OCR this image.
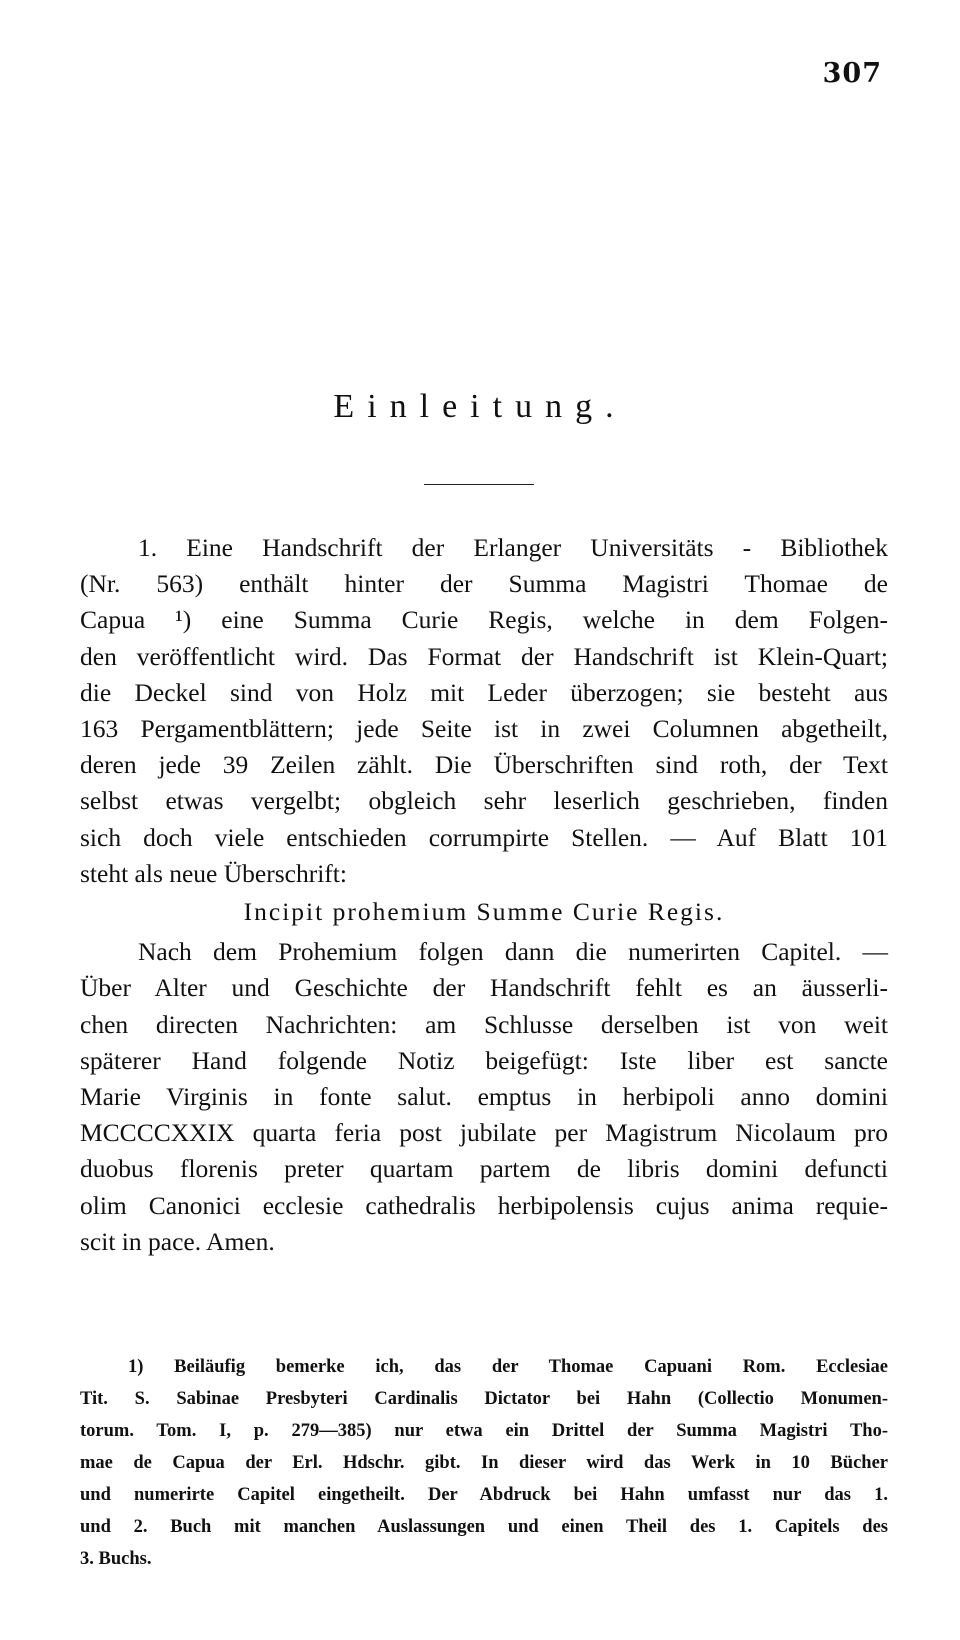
307
Einleitung.
1. Eine Handschrift der Erlanger Universitäts - Bibliothek
(Nr. 563) enthält hinter der Summa Magistri Thomae de
Capua ¹) eine Summa Curie Regis, welche in dem Folgen-
den veröffentlicht wird. Das Format der Handschrift ist Klein-Quart;
die Deckel sind von Holz mit Leder überzogen; sie besteht aus
163 Pergamentblättern; jede Seite ist in zwei Columnen abgetheilt,
deren jede 39 Zeilen zählt. Die Überschriften sind roth, der Text
selbst etwas vergelbt; obgleich sehr leserlich geschrieben, finden
sich doch viele entschieden corrumpirte Stellen. — Auf Blatt 101
steht als neue Überschrift:
Incipit prohemium Summe Curie Regis.
Nach dem Prohemium folgen dann die numerirten Capitel. —
Über Alter und Geschichte der Handschrift fehlt es an äusserli-
chen directen Nachrichten: am Schlusse derselben ist von weit
späterer Hand folgende Notiz beigefügt: Iste liber est sancte
Marie Virginis in fonte salut. emptus in herbipoli anno domini
MCCCCXXIX quarta feria post jubilate per Magistrum Nicolaum pro
duobus florenis preter quartam partem de libris domini defuncti
olim Canonici ecclesie cathedralis herbipolensis cujus anima requie-
scit in pace. Amen.
1) Beiläufig bemerke ich, das der Thomae Capuani Rom. Ecclesiae
Tit. S. Sabinae Presbyteri Cardinalis Dictator bei Hahn (Collectio Monumen-
torum. Tom. I, p. 279—385) nur etwa ein Drittel der Summa Magistri Tho-
mae de Capua der Erl. Hdschr. gibt. In dieser wird das Werk in 10 Bücher
und numerirte Capitel eingetheilt. Der Abdruck bei Hahn umfasst nur das 1.
und 2. Buch mit manchen Auslassungen und einen Theil des 1. Capitels des
3. Buchs.
